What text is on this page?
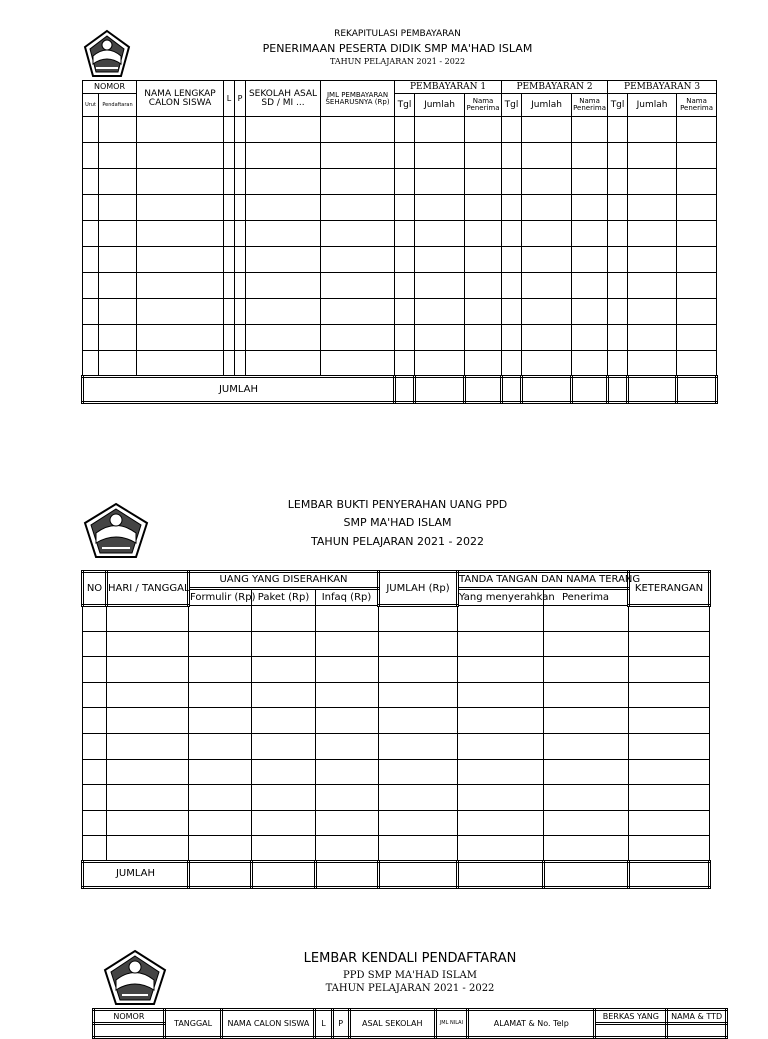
REKAPITULASI PEMBAYARAN
PENERIMAAN PESERTA DIDIK SMP MA'HAD ISLAM
TAHUN PELAJARAN 2021 - 2022
NOMOR		NAMA LENGKAP CALON SISWA	L	P	SEKOLAH ASAL SD / MI ...	JML PEMBAYARAN SEHARUSNYA (Rp)	PEMBAYARAN 1			PEMBAYARAN 2			PEMBAYARAN 3		
Urut	Pendaftaran						Tgl	Jumlah	Nama Penerima	Tgl	Jumlah	Nama Penerima	Tgl	Jumlah	Nama Penerima

JUMLAH															
LEMBAR BUKTI PENYERAHAN UANG PPD
SMP MA'HAD ISLAM
TAHUN PELAJARAN 2021 - 2022
NO	HARI / TANGGAL	UANG YANG DISERAHKAN			JUMLAH (Rp)	TANDA TANGAN DAN NAMA TERANG		KETERANGAN
		Formulir (Rp)	Paket (Rp)	Infaq (Rp)		Yang menyerahkan	Penerima	

JUMLAH								
LEMBAR KENDALI PENDAFTARAN
PPD SMP MA'HAD ISLAM
TAHUN PELAJARAN 2021 - 2022
NOMOR	TANGGAL	NAMA CALON SISWA	L	P	ASAL SEKOLAH	JML NILAI	ALAMAT & No. Telp	BERKAS YANG	NAMA & TTD
